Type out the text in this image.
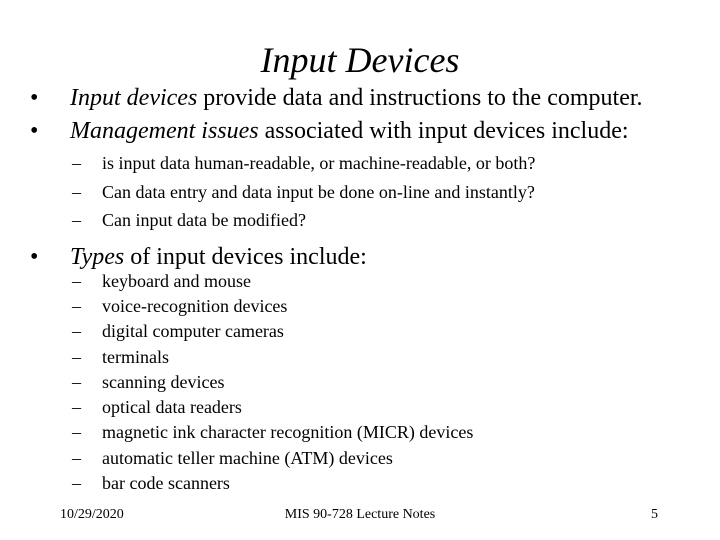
Input Devices
• Input devices provide data and instructions to the computer.
• Management issues associated with input devices include:
– is input data human-readable, or machine-readable, or both?
– Can data entry and data input be done on-line and instantly?
– Can input data be modified?
• Types of input devices include:
– keyboard and mouse
– voice-recognition devices
– digital computer cameras
– terminals
– scanning devices
– optical data readers
– magnetic ink character recognition (MICR) devices
– automatic teller machine (ATM) devices
– bar code scanners
10/29/2020	MIS 90-728 Lecture Notes	5
